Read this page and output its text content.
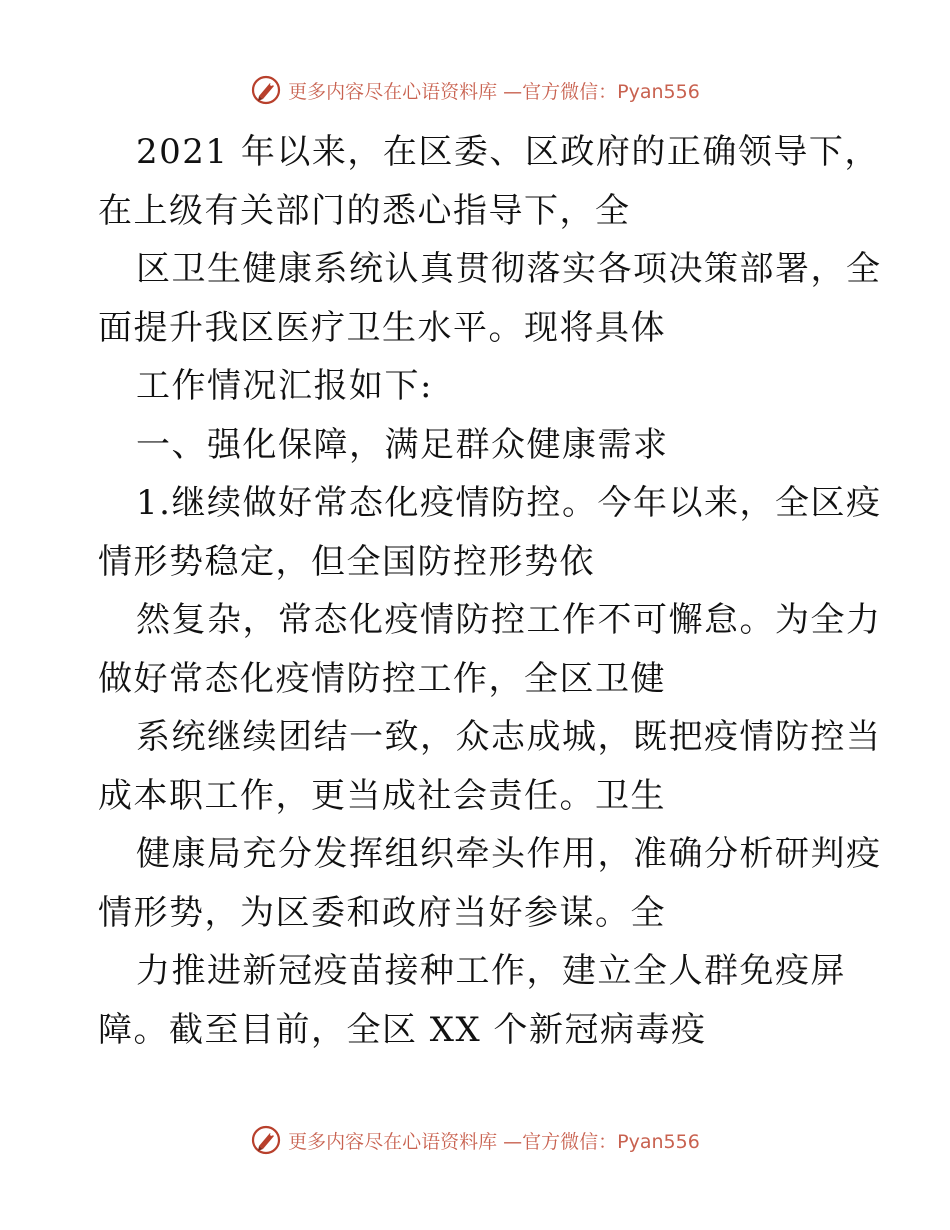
更多内容尽在心语资料库 —官方微信：Pyan556
2021 年以来，在区委、区政府的正确领导下，
在上级有关部门的悉心指导下，全
区卫生健康系统认真贯彻落实各项决策部署，全
面提升我区医疗卫生水平。现将具体
工作情况汇报如下:
一、强化保障，满足群众健康需求
1.继续做好常态化疫情防控。今年以来，全区疫
情形势稳定，但全国防控形势依
然复杂，常态化疫情防控工作不可懈怠。为全力
做好常态化疫情防控工作，全区卫健
系统继续团结一致，众志成城，既把疫情防控当
成本职工作，更当成社会责任。卫生
健康局充分发挥组织牵头作用，准确分析研判疫
情形势，为区委和政府当好参谋。全
力推进新冠疫苗接种工作，建立全人群免疫屏
障。截至目前，全区 XX 个新冠病毒疫
更多内容尽在心语资料库 —官方微信：Pyan556
